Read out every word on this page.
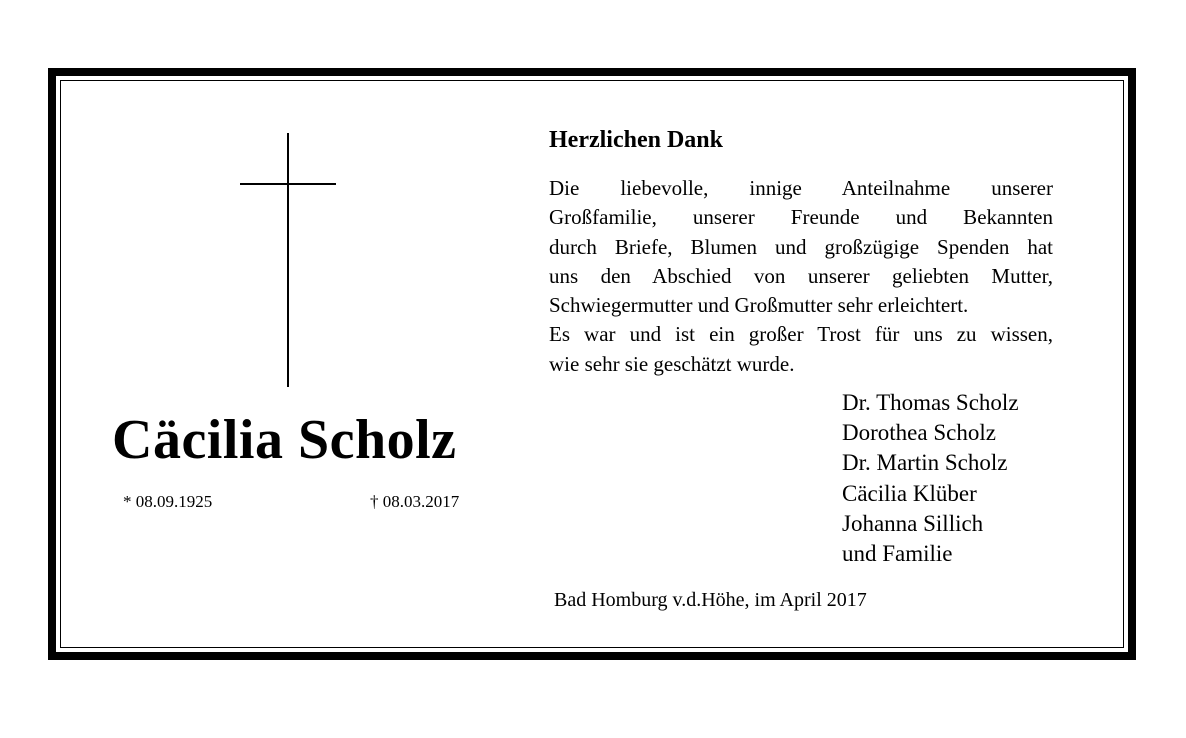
Cäcilia Scholz
* 08.09.1925	† 08.03.2017
Herzlichen Dank
Die liebevolle, innige Anteilnahme unserer
Großfamilie, unserer Freunde und Bekannten
durch Briefe, Blumen und großzügige Spenden hat
uns den Abschied von unserer geliebten Mutter,
Schwiegermutter und Großmutter sehr erleichtert.
Es war und ist ein großer Trost für uns zu wissen,
wie sehr sie geschätzt wurde.
Dr. Thomas Scholz
Dorothea Scholz
Dr. Martin Scholz
Cäcilia Klüber
Johanna Sillich
und Familie
Bad Homburg v.d.Höhe, im April 2017
